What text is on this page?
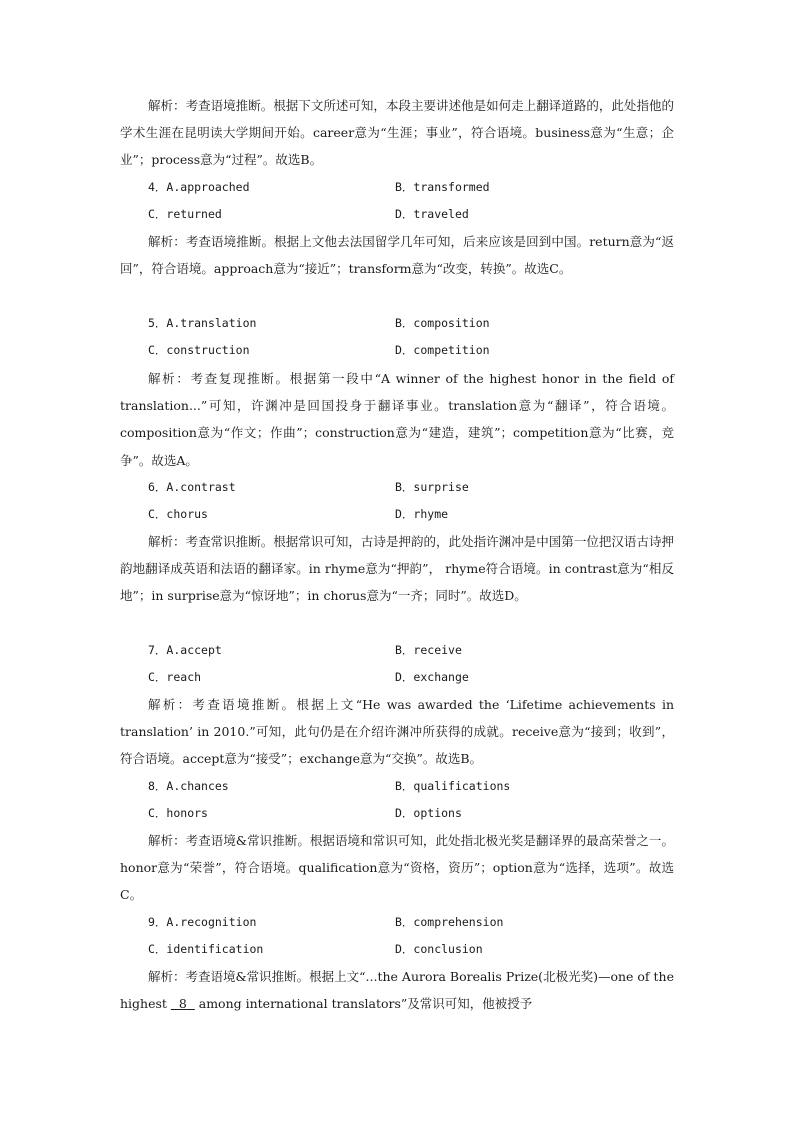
解析：考查语境推断。根据下文所述可知，本段主要讲述他是如何走上翻译道路的，此处指他的学术生涯在昆明读大学期间开始。career意为“生涯；事业”，符合语境。business意为“生意；企业”；process意为“过程”。故选B。

4．A.approached	B．transformed
C．returned	D．traveled

解析：考查语境推断。根据上文他去法国留学几年可知，后来应该是回到中国。return意为“返回”，符合语境。approach意为“接近”；transform意为“改变，转换”。故选C。

5．A.translation	B．composition
C．construction	D．competition

解析：考查复现推断。根据第一段中“A winner of the highest honor in the field of translation...”可知，许渊冲是回国投身于翻译事业。translation意为“翻译”，符合语境。composition意为“作文；作曲”；construction意为“建造，建筑”；competition意为“比赛，竞争”。故选A。

6．A.contrast	B．surprise
C．chorus	D．rhyme

解析：考查常识推断。根据常识可知，古诗是押韵的，此处指许渊冲是中国第一位把汉语古诗押韵地翻译成英语和法语的翻译家。in rhyme意为“押韵”， rhyme符合语境。in contrast意为“相反地”；in surprise意为“惊讶地”；in chorus意为“一齐；同时”。故选D。

7．A.accept	B．receive
C．reach	D．exchange

解析：考查语境推断。根据上文“He was awarded the ‘Lifetime achievements in translation’ in 2010.”可知，此句仍是在介绍许渊冲所获得的成就。receive意为“接到；收到”，符合语境。accept意为“接受”；exchange意为“交换”。故选B。

8．A.chances	B．qualifications
C．honors	D．options

解析：考查语境&常识推断。根据语境和常识可知，此处指北极光奖是翻译界的最高荣誉之一。honor意为“荣誉”，符合语境。qualification意为“资格，资历”；option意为“选择，选项”。故选C。

9．A.recognition	B．comprehension
C．identification	D．conclusion

解析：考查语境&常识推断。根据上文“...the Aurora Borealis Prize(北极光奖)—one of the highest   8   among international translators”及常识可知，他被授予
